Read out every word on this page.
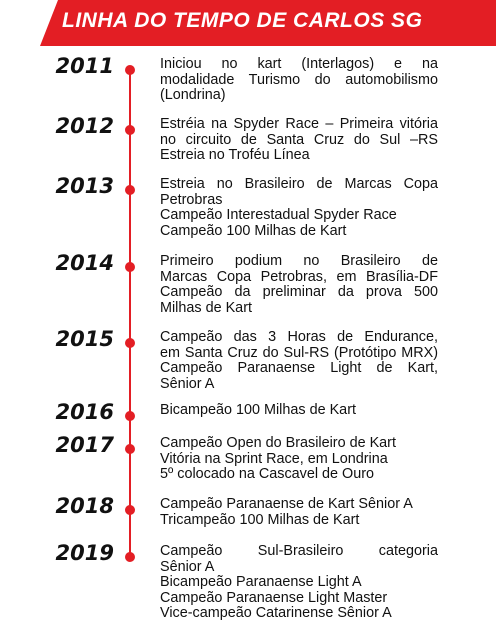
LINHA DO TEMPO DE CARLOS SG
2011	Iniciou no kart (Interlagos) e na
modalidade Turismo do automobilismo
(Londrina)
2012	Estréia na Spyder Race – Primeira vitória
no circuito de Santa Cruz do Sul –RS
Estreia no Troféu Línea
2013	Estreia no Brasileiro de Marcas Copa
Petrobras
Campeão Interestadual Spyder Race
Campeão 100 Milhas de Kart
2014	Primeiro podium no Brasileiro de
Marcas Copa Petrobras, em Brasília-DF
Campeão da preliminar da prova 500
Milhas de Kart
2015	Campeão das 3 Horas de Endurance,
em Santa Cruz do Sul-RS (Protótipo MRX)
Campeão Paranaense Light de Kart,
Sênior A
2016	Bicampeão 100 Milhas de Kart
2017	Campeão Open do Brasileiro de Kart
Vitória na Sprint Race, em Londrina
5º colocado na Cascavel de Ouro
2018	Campeão Paranaense de Kart Sênior A
Tricampeão 100 Milhas de Kart
2019	Campeão Sul-Brasileiro categoria
Sênior A
Bicampeão Paranaense Light A
Campeão Paranaense Light Master
Vice-campeão Catarinense Sênior A
